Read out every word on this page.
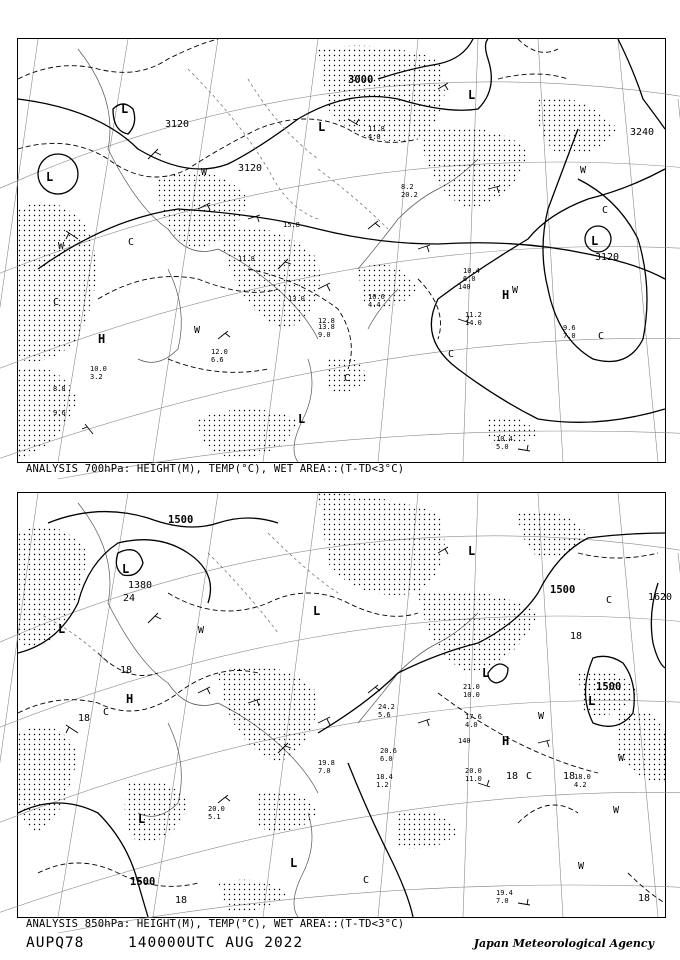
3000
3120
3120
3240
3120
L
L
L
L
L
L
H
H
W
W	W
W
W
C
C
C
C
C
C
11.2
14.0
10.4
5.0
9.6
7.0
10.0
3.2
10.6
4.4
11.8
4.0
12.0
6.6
11.8
13.0
15.8
13.8
8.2
20.2
8.8
9.6
10.4
6.0
12.8
9.0
140
ANALYSIS 700hPa: HEIGHT(M), TEMP(°C), WET AREA::(T-TD<3°C)
1500
1380	1500
1500
1500
1620
L
L
L
L
L
L
L
L
H
H
W
W
W
W
W
C
C
C
C
24
18
18
18
18	18
18	18
20.0
11.0
17.6
4.0
19.4
7.0
18.0
4.2
20.0
5.1
20.6
6.0
18.4
1.2
21.0
10.0
19.8
7.0
24.2
5.6
140
ANALYSIS 850hPa: HEIGHT(M), TEMP(°C), WET AREA::(T-TD<3°C)
AUPQ78	140000UTC AUG 2022	Japan Meteorological Agency
